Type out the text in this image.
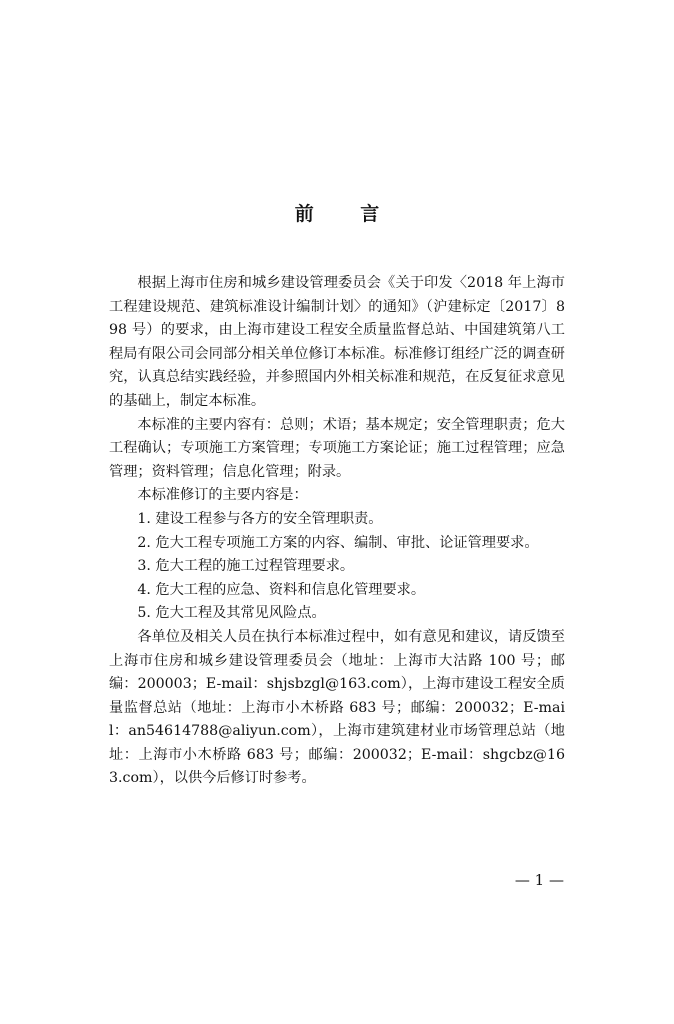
前 言

根据上海市住房和城乡建设管理委员会《关于印发〈2018 年上海市工程建设规范、建筑标准设计编制计划〉的通知》（沪建标定〔2017〕898 号）的要求，由上海市建设工程安全质量监督总站、中国建筑第八工程局有限公司会同部分相关单位修订本标准。标准修订组经广泛的调查研究，认真总结实践经验，并参照国内外相关标准和规范，在反复征求意见的基础上，制定本标准。

本标准的主要内容有：总则；术语；基本规定；安全管理职责；危大工程确认；专项施工方案管理；专项施工方案论证；施工过程管理；应急管理；资料管理；信息化管理；附录。

本标准修订的主要内容是：

1. 建设工程参与各方的安全管理职责。

2. 危大工程专项施工方案的内容、编制、审批、论证管理要求。

3. 危大工程的施工过程管理要求。

4. 危大工程的应急、资料和信息化管理要求。

5. 危大工程及其常见风险点。

各单位及相关人员在执行本标准过程中，如有意见和建议，请反馈至上海市住房和城乡建设管理委员会（地址：上海市大沽路 100 号；邮编：200003；E-mail：shjsbzgl@163.com），上海市建设工程安全质量监督总站（地址：上海市小木桥路 683 号；邮编：200032；E-mail：an54614788@aliyun.com），上海市建筑建材业市场管理总站（地址：上海市小木桥路 683 号；邮编：200032；E-mail：shgcbz@163.com），以供今后修订时参考。

— 1 —
